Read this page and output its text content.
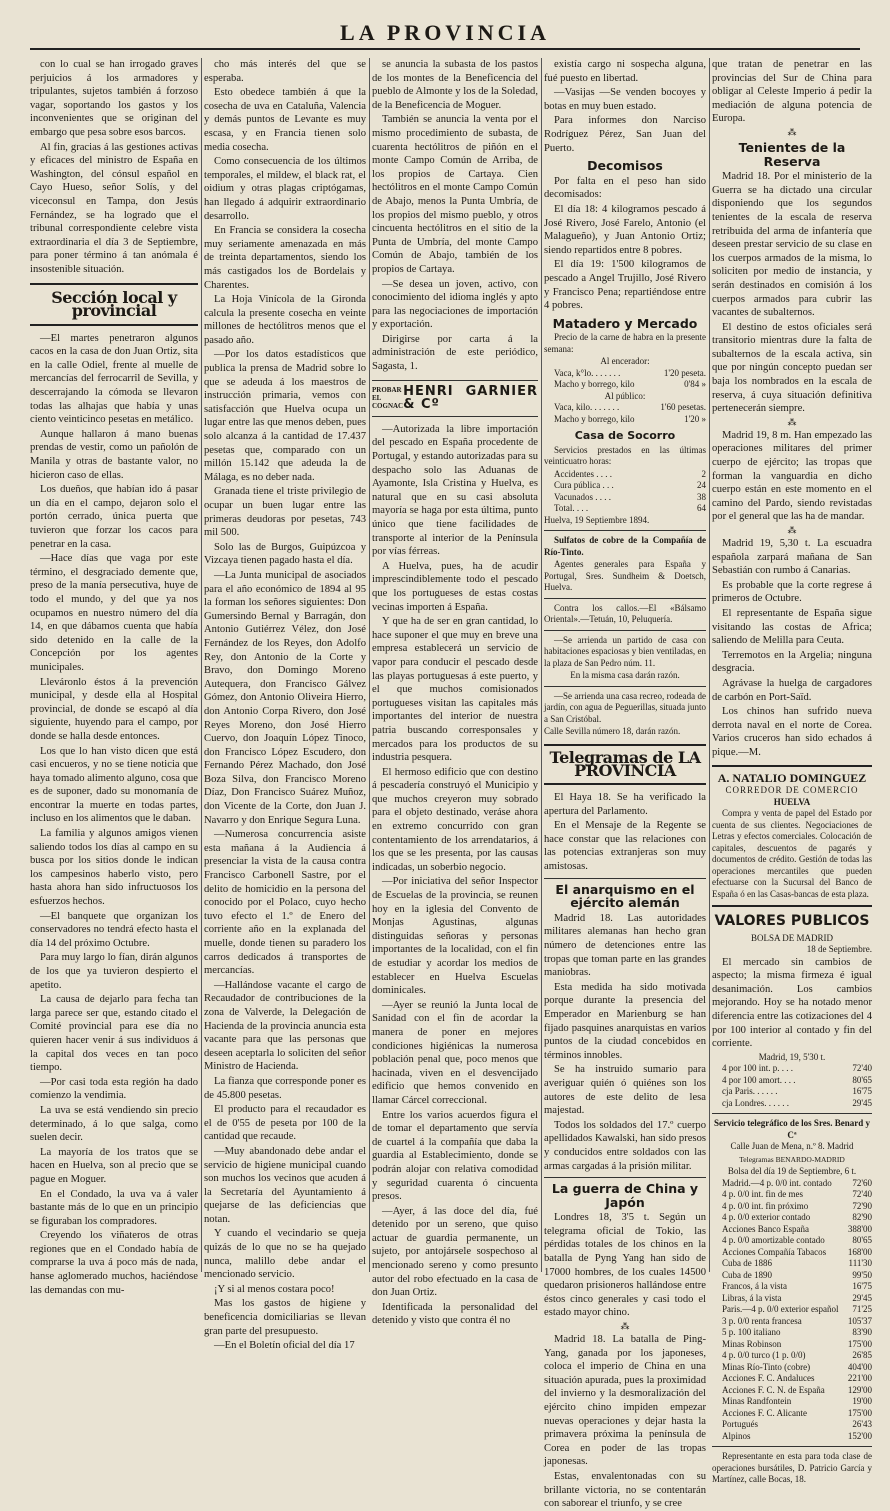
LA PROVINCIA

con lo cual se han irrogado graves perjuicios á los armadores y tripulantes, sujetos también á forzoso vagar, soportando los gastos y los inconvenientes que se originan del embargo que pesa sobre esos barcos.

Al fin, gracias á las gestiones activas y eficaces del ministro de España en Washington, del cónsul español en Cayo Hueso, señor Solís, y del viceconsul en Tampa, don Jesús Fernández, se ha logrado que el tribunal correspondiente celebre vista extraordinaria el día 3 de Septiembre, para poner término á tan anómala é insostenible situación.

Sección local y provincial

—El martes penetraron algunos cacos en la casa de don Juan Ortiz, sita en la calle Odiel, frente al muelle de mercancías del ferrocarril de Sevilla, y descerrajando la cómoda se llevaron todas las alhajas que había y unas ciento veinticinco pesetas en metálico.

Aunque hallaron á mano buenas prendas de vestir, como un pañolón de Manila y otras de bastante valor, no hicieron caso de ellas.

Los dueños, que habían ido á pasar un día en el campo, dejaron solo el portón cerrado, única puerta que tuvieron que forzar los cacos para penetrar en la casa.

—Hace días que vaga por este término, el desgraciado demente que, preso de la manía persecutiva, huye de todo el mundo, y del que ya nos ocupamos en nuestro número del día 14, en que dábamos cuenta que había sido detenido en la calle de la Concepción por los agentes municipales.

Lleváronlo éstos á la prevención municipal, y desde ella al Hospital provincial, de donde se escapó al día siguiente, huyendo para el campo, por donde se halla desde entonces.

Los que lo han visto dicen que está casi encueros, y no se tiene noticia que haya tomado alimento alguno, cosa que es de suponer, dado su monomanía de encontrar la muerte en todas partes, incluso en los alimentos que le daban.

La familia y algunos amigos vienen saliendo todos los días al campo en su busca por los sitios donde le indican los campesinos haberlo visto, pero hasta ahora han sido infructuosos los esfuerzos hechos.

—El banquete que organizan los conservadores no tendrá efecto hasta el día 14 del próximo Octubre.

Para muy largo lo fían, dirán algunos de los que ya tuvieron despierto el apetito.

La causa de dejarlo para fecha tan larga parece ser que, estando citado el Comité provincial para ese día no quieren hacer venir á sus individuos á la capital dos veces en tan poco tiempo.

—Por casi toda esta región ha dado comienzo la vendimia.

La uva se está vendiendo sin precio determinado, á lo que salga, como suelen decir.

La mayoría de los tratos que se hacen en Huelva, son al precio que se pague en Moguer.

En el Condado, la uva va á valer bastante más de lo que en un principio se figuraban los compradores.

Creyendo los viñateros de otras regiones que en el Condado había de comprarse la uva á poco más de nada, hanse aglomerado muchos, haciéndose las demandas con mu-

cho más interés del que se esperaba.

Esto obedece también á que la cosecha de uva en Cataluña, Valencia y demás puntos de Levante es muy escasa, y en Francia tienen solo media cosecha.

Como consecuencia de los últimos temporales, el mildew, el black rat, el oidium y otras plagas criptógamas, han llegado á adquirir extraordinario desarrollo.

En Francia se considera la cosecha muy seriamente amenazada en más de treinta departamentos, siendo los más castigados los de Bordelais y Charentes.

La Hoja Vinícola de la Gironda calcula la presente cosecha en veinte millones de hectólitros menos que el pasado año.

—Por los datos estadísticos que publica la prensa de Madrid sobre lo que se adeuda á los maestros de instrucción primaria, vemos con satisfacción que Huelva ocupa un lugar entre las que menos deben, pues solo alcanza á la cantidad de 17.437 pesetas que, comparado con un millón 15.142 que adeuda la de Málaga, es no deber nada.

Granada tiene el triste privilegio de ocupar un buen lugar entre las primeras deudoras por pesetas, 743 mil 500.

Solo las de Burgos, Guipúzcoa y Vizcaya tienen pagado hasta el día.

—La Junta municipal de asociados para el año económico de 1894 al 95 la forman los señores siguientes: Don Gumersindo Bernal y Barragán, don Antonio Gutiérrez Vélez, don José Fernández de los Reyes, don Adolfo Rey, don Antonio de la Corte y Bravo, don Domingo Moreno Autequera, don Francisco Gálvez Gómez, don Antonio Oliveira Hierro, don Antonio Corpa Rivero, don José Reyes Moreno, don José Hierro Cuervo, don Joaquín López Tinoco, don Francisco López Escudero, don Fernando Pérez Machado, don José Boza Silva, don Francisco Moreno Díaz, Don Francisco Suárez Muñoz, don Vicente de la Corte, don Juan J. Navarro y don Enrique Segura Luna.

—Numerosa concurrencia asiste esta mañana á la Audiencia á presenciar la vista de la causa contra Francisco Carbonell Sastre, por el delito de homicidio en la persona del conocido por el Polaco, cuyo hecho tuvo efecto el 1.º de Enero del corriente año en la explanada del muelle, donde tienen su paradero los carros dedicados á transportes de mercancías.

—Hallándose vacante el cargo de Recaudador de contribuciones de la zona de Valverde, la Delegación de Hacienda de la provincia anuncia esta vacante para que las personas que deseen aceptarla lo soliciten del señor Ministro de Hacienda.

La fianza que corresponde poner es de 45.800 pesetas.

El producto para el recaudador es el de 0'55 de peseta por 100 de la cantidad que recaude.

—Muy abandonado debe andar el servicio de higiene municipal cuando son muchos los vecinos que acuden á la Secretaría del Ayuntamiento á quejarse de las deficiencias que notan.

Y cuando el vecindario se queja quizás de lo que no se ha quejado nunca, malillo debe andar el mencionado servicio.

¡Y si al menos costara poco!

Mas los gastos de higiene y beneficencia domiciliarias se llevan gran parte del presupuesto.

—En el Boletín oficial del día 17

se anuncia la subasta de los pastos de los montes de la Beneficencia del pueblo de Almonte y los de la Soledad, de la Beneficencia de Moguer.

También se anuncia la venta por el mismo procedimiento de subasta, de cuarenta hectólitros de piñón en el monte Campo Común de Arriba, de los propios de Cartaya. Cien hectólitros en el monte Campo Común de Abajo, menos la Punta Umbría, de los propios del mismo pueblo, y otros cincuenta hectólitros en el sitio de la Punta de Umbría, del monte Campo Común de Abajo, también de los propios de Cartaya.

—Se desea un joven, activo, con conocimiento del idioma inglés y apto para las negociaciones de importación y exportación.

Dirigirse por carta á la administración de este periódico, Sagasta, 1.

PROBAR EL COGNAC
HENRI GARNIER & Cº

—Autorizada la libre importación del pescado en España procedente de Portugal, y estando autorizadas para su despacho solo las Aduanas de Ayamonte, Isla Cristina y Huelva, es natural que en su casi absoluta mayoría se haga por esta última, punto único que tiene facilidades de transporte al interior de la Península por vías férreas.

A Huelva, pues, ha de acudir imprescindiblemente todo el pescado que los portugueses de estas costas vecinas importen á España.

Y que ha de ser en gran cantidad, lo hace suponer el que muy en breve una empresa establecerá un servicio de vapor para conducir el pescado desde las playas portuguesas á este puerto, y el que muchos comisionados portugueses visitan las capitales más importantes del interior de nuestra patria buscando corresponsales y mercados para los productos de su industria pesquera.

El hermoso edificio que con destino á pescadería construyó el Municipio y que muchos creyeron muy sobrado para el objeto destinado, veráse ahora en extremo concurrido con gran contentamiento de los arrendatarios, á los que se les presenta, por las causas indicadas, un soberbio negocio.

—Por iniciativa del señor Inspector de Escuelas de la provincia, se reunen hoy en la iglesia del Convento de Monjas Agustinas, algunas distinguidas señoras y personas importantes de la localidad, con el fin de estudiar y acordar los medios de establecer en Huelva Escuelas dominicales.

—Ayer se reunió la Junta local de Sanidad con el fin de acordar la manera de poner en mejores condiciones higiénicas la numerosa población penal que, poco menos que hacinada, viven en el desvencijado edificio que hemos convenido en llamar Cárcel correccional.

Entre los varios acuerdos figura el de tomar el departamento que servía de cuartel á la compañía que daba la guardia al Establecimiento, donde se podrán alojar con relativa comodidad y seguridad cuarenta ó cincuenta presos.

—Ayer, á las doce del día, fué detenido por un sereno, que quiso actuar de guardia permanente, un sujeto, por antojársele sospechoso al mencionado sereno y como presunto autor del robo efectuado en la casa de don Juan Ortiz.

Identificada la personalidad del detenido y visto que contra él no

existía cargo ni sospecha alguna, fué puesto en libertad.

—Vasijas —Se venden bocoyes y botas en muy buen estado.

Para informes don Narciso Rodríguez Pérez, San Juan del Puerto.

Decomisos

Por falta en el peso han sido decomisados:

El día 18: 4 kilogramos pescado á José Rivero, José Farelo, Antonio (el Malagueño), y Juan Antonio Ortiz; siendo repartidos entre 8 pobres.

El día 19: 1'500 kilogramos de pescado a Angel Trujillo, José Rivero y Francisco Pena; repartiéndose entre 4 pobres.

Matadero y Mercado

Precio de la carne de habra en la presente semana:

Al encerador:
Vaca, k°lo. . . . . . .	1'20 peseta.
Macho y borrego, kilo	0'84 »
Al público:
Vaca, kilo. . . . . . .	1'60 pesetas.
Macho y borrego, kilo	1'20 »
Casa de Socorro

Servicios prestados en las últimas veinticuatro horas:

Accidentes . . . .	2
Cura pública . . .	24
Vacunados . . . .	38
Total. . . .	64
Huelva, 19 Septiembre 1894.

Sulfatos de cobre de la Compañía de Río-Tinto.

Agentes generales para España y Portugal, Sres. Sundheim & Doetsch, Huelva.

Contra los callos.—El «Bálsamo Oriental».—Tetuán, 10, Peluquería.

—Se arrienda un partido de casa con habitaciones espaciosas y bien ventiladas, en la plaza de San Pedro núm. 11.

En la misma casa darán razón.

—Se arrienda una casa recreo, rodeada de jardín, con agua de Peguerillas, situada junto a San Cristóbal.

Calle Sevilla número 18, darán razón.
Telegramas de LA PROVINCIA

El Haya 18. Se ha verificado la apertura del Parlamento.

En el Mensaje de la Regente se hace constar que las relaciones con las potencias extranjeras son muy amistosas.

El anarquismo en el ejército alemán

Madrid 18. Las autoridades militares alemanas han hecho gran número de detenciones entre las tropas que toman parte en las grandes maniobras.

Esta medida ha sido motivada porque durante la presencia del Emperador en Marienburg se han fijado pasquines anarquistas en varios puntos de la ciudad concebidos en términos innobles.

Se ha instruido sumario para averiguar quién ó quiénes son los autores de este delito de lesa majestad.

Todos los soldados del 17.º cuerpo apellidados Kawalski, han sido presos y conducidos entre soldados con las armas cargadas á la prisión militar.

La guerra de China y Japón

Londres 18, 3'5 t. Según un telegrama oficial de Tokio, las pérdidas totales de los chinos en la batalla de Pyng Yang han sido de 17000 hombres, de los cuales 14500 quedaron prisioneros hallándose entre éstos cinco generales y casi todo el estado mayor chino.

⁂

Madrid 18. La batalla de Ping-Yang, ganada por los japoneses, coloca el imperio de China en una situación apurada, pues la proximidad del invierno y la desmoralización del ejército chino impiden empezar nuevas operaciones y dejar hasta la primavera próxima la península de Corea en poder de las tropas japonesas.

Estas, envalentonadas con su brillante victoria, no se contentarán con saborear el triunfo, y se cree

que tratan de penetrar en las provincias del Sur de China para obligar al Celeste Imperio á pedir la mediación de alguna potencia de Europa.

⁂
Tenientes de la Reserva

Madrid 18. Por el ministerio de la Guerra se ha dictado una circular disponiendo que los segundos tenientes de la escala de reserva retribuida del arma de infantería que deseen prestar servicio de su clase en los cuerpos armados de la misma, lo soliciten por medio de instancia, y serán destinados en comisión á los cuerpos armados para cubrir las vacantes de subalternos.

El destino de estos oficiales será transitorio mientras dure la falta de subalternos de la escala activa, sin que por ningún concepto puedan ser baja los nombrados en la escala de reserva, á cuya situación definitiva pertenecerán siempre.

⁂

Madrid 19, 8 m. Han empezado las operaciones militares del primer cuerpo de ejército; las tropas que forman la vanguardia en dicho cuerpo están en este momento en el camino del Pardo, siendo revistadas por el general que las ha de mandar.

⁂

Madrid 19, 5,30 t. La escuadra española zarpará mañana de San Sebastián con rumbo á Canarias.

Es probable que la corte regrese á primeros de Octubre.

El representante de España sigue visitando las costas de Africa; saliendo de Melilla para Ceuta.

Terremotos en la Argelia; ninguna desgracia.

Agrávase la huelga de cargadores de carbón en Port-Saïd.

Los chinos han sufrido nueva derrota naval en el norte de Corea. Varios cruceros han sido echados á pique.—M.

A. NATALIO DOMINGUEZ
CORREDOR DE COMERCIO
HUELVA

Compra y venta de papel del Estado por cuenta de sus clientes. Negociaciones de Letras y efectos comerciales. Colocación de capitales, descuentos de pagarés y documentos de crédito. Gestión de todas las operaciones mercantiles que pueden efectuarse con la Sucursal del Banco de España ó en las Casas-bancas de esta plaza.

VALORES PUBLICOS
BOLSA DE MADRID
18 de Septiembre.

El mercado sin cambios de aspecto; la misma firmeza é igual desanimación. Los cambios mejorando. Hoy se ha notado menor diferencia entre las cotizaciones del 4 por 100 interior al contado y fin del corriente.

Madrid, 19, 5'30 t.
4 por 100 int. p. . . .	72'40
4 por 100 amort. . . .	80'65
cja Paris. . . . . .	16'75
cja Londres. . . . . .	29'45
Servicio telegráfico de los Sres. Benard y Cª
Calle Juan de Mena, n.º 8. Madrid
Telegramas BENARDO-MADRID
Bolsa del día 19 de Septiembre, 6 t.
Madrid.—4 p. 0/0 int. contado 72'60
4 p. 0/0 int. fin de mes	72'40
4 p. 0/0 int. fin próximo	72'90
4 p. 0/0 exterior contado	82'90
Acciones Banco España	388'00
4 p. 0/0 amortizable contado	80'65
Acciones Compañía Tabacos 168'00
Cuba de 1886	111'30
Cuba de 1890	99'50
Francos, á la vista	16'75
Libras, á la vista	29'45
Paris.—4 p. 0/0 exterior español 71'25
3 p. 0/0 renta francesa	105'37
5 p. 100 italiano	83'90
Minas Robinson	175'00
4 p. 0/0 turco (1 p. 0/0)	26'85
Minas Río-Tinto (cobre)	404'00
Acciones F. C. Andaluces	221'00
Acciones F. C. N. de España	129'00
Minas Randfontein	19'00
Acciones F. C. Alicante	175'00
Portugués	26'43
Alpinos	152'00

Representante en esta para toda clase de operaciones bursátiles, D. Patricio García y Martínez, calle Bocas, 18.
